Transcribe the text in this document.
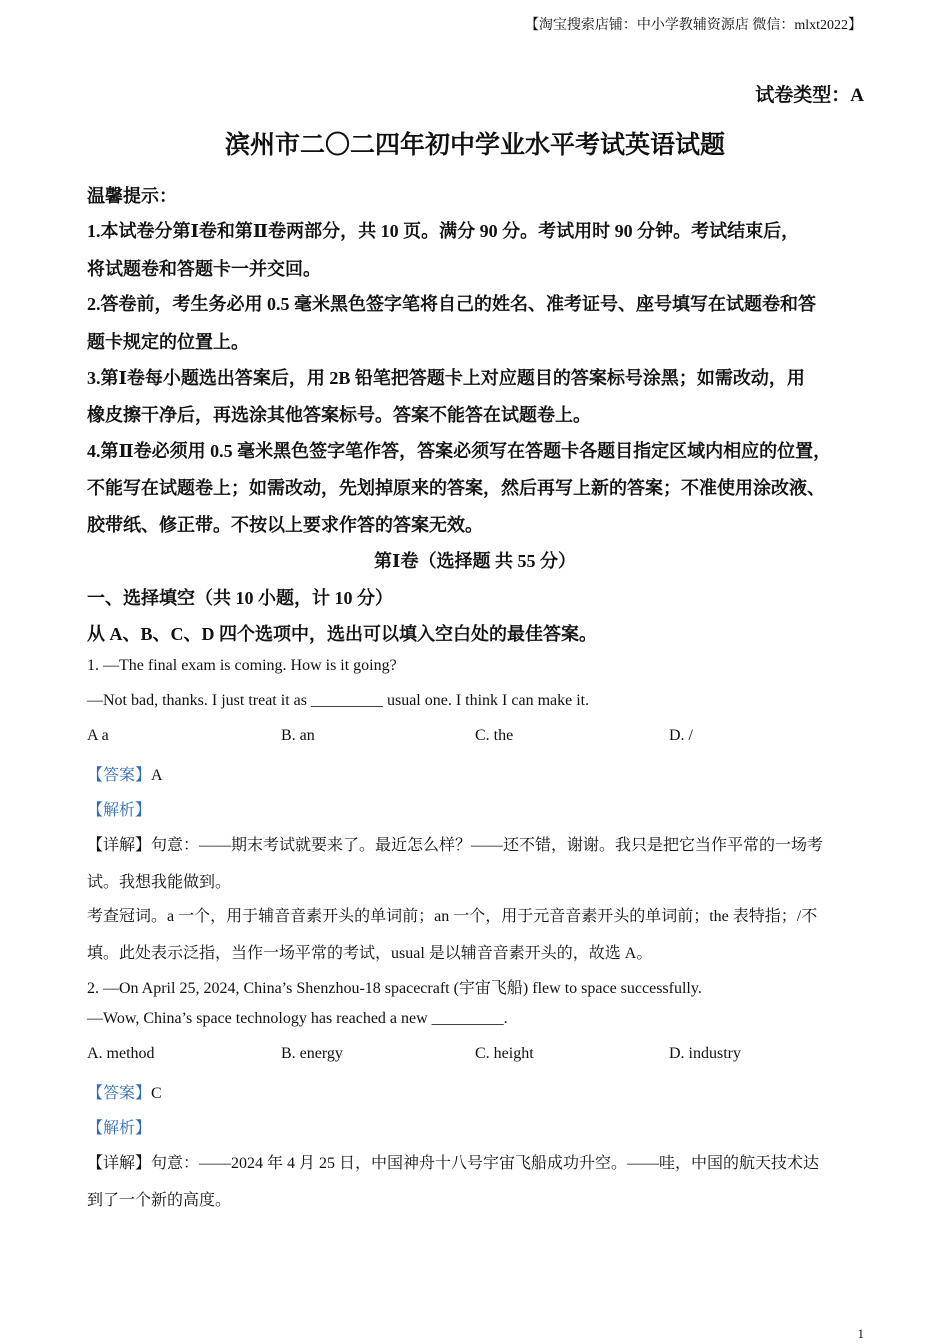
【淘宝搜索店铺：中小学教辅资源店 微信：mlxt2022】
试卷类型：A
滨州市二〇二四年初中学业水平考试英语试题
温馨提示：
1.本试卷分第Ⅰ卷和第Ⅱ卷两部分，共 10 页。满分 90 分。考试用时 90 分钟。考试结束后，
将试题卷和答题卡一并交回。
2.答卷前，考生务必用 0.5 毫米黑色签字笔将自己的姓名、准考证号、座号填写在试题卷和答
题卡规定的位置上。
3.第Ⅰ卷每小题选出答案后，用 2B 铅笔把答题卡上对应题目的答案标号涂黑；如需改动，用
橡皮擦干净后，再选涂其他答案标号。答案不能答在试题卷上。
4.第Ⅱ卷必须用 0.5 毫米黑色签字笔作答，答案必须写在答题卡各题目指定区域内相应的位置，
不能写在试题卷上；如需改动，先划掉原来的答案，然后再写上新的答案；不准使用涂改液、
胶带纸、修正带。不按以上要求作答的答案无效。
第Ⅰ卷（选择题 共 55 分）
一、选择填空（共 10 小题，计 10 分）
从 A、B、C、D 四个选项中，选出可以填入空白处的最佳答案。
1. —The final exam is coming. How is it going?
—Not bad, thanks. I just treat it as _________ usual one. I think I can make it.
A a	B. an	C. the	D. /
【答案】A
【解析】
【详解】句意：——期末考试就要来了。最近怎么样？——还不错，谢谢。我只是把它当作平常的一场考
试。我想我能做到。
考查冠词。a 一个，用于辅音音素开头的单词前；an 一个，用于元音音素开头的单词前；the 表特指；/不
填。此处表示泛指，当作一场平常的考试，usual 是以辅音音素开头的，故选 A。
2. —On April 25, 2024, China’s Shenzhou-18 spacecraft (宇宙飞船) flew to space successfully.
—Wow, China’s space technology has reached a new _________.
A. method	B. energy	C. height	D. industry
【答案】C
【解析】
【详解】句意：——2024 年 4 月 25 日，中国神舟十八号宇宙飞船成功升空。——哇，中国的航天技术达
到了一个新的高度。
1
